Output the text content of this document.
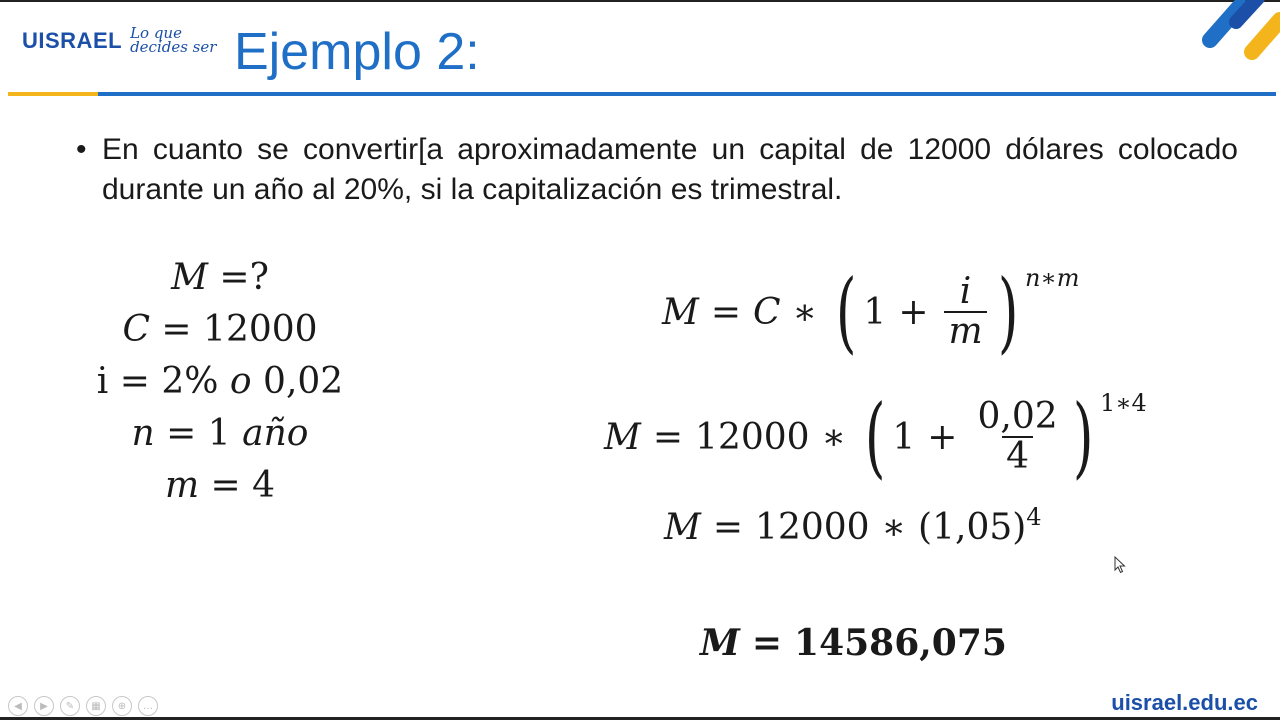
UISRAEL Lo que
decides ser Ejemplo 2:
• En cuanto se convertir[a aproximadamente un capital de 12000 dólares colocado durante un año al 20%, si la capitalización es trimestral.
M =?
C = 12000
i = 2% o 0,02
n = 1 año
m = 4
M = C ∗ ( $1 + \frac{i}{m}$ ) n∗m
M = 12000 ∗ ( $1 + \frac{0,02}{4}$ ) 1∗4
M = 12000 ∗ (1,05) 4
M = 14586,075
◀	▶	✎	▦	⊕	…	uisrael.edu.ec
